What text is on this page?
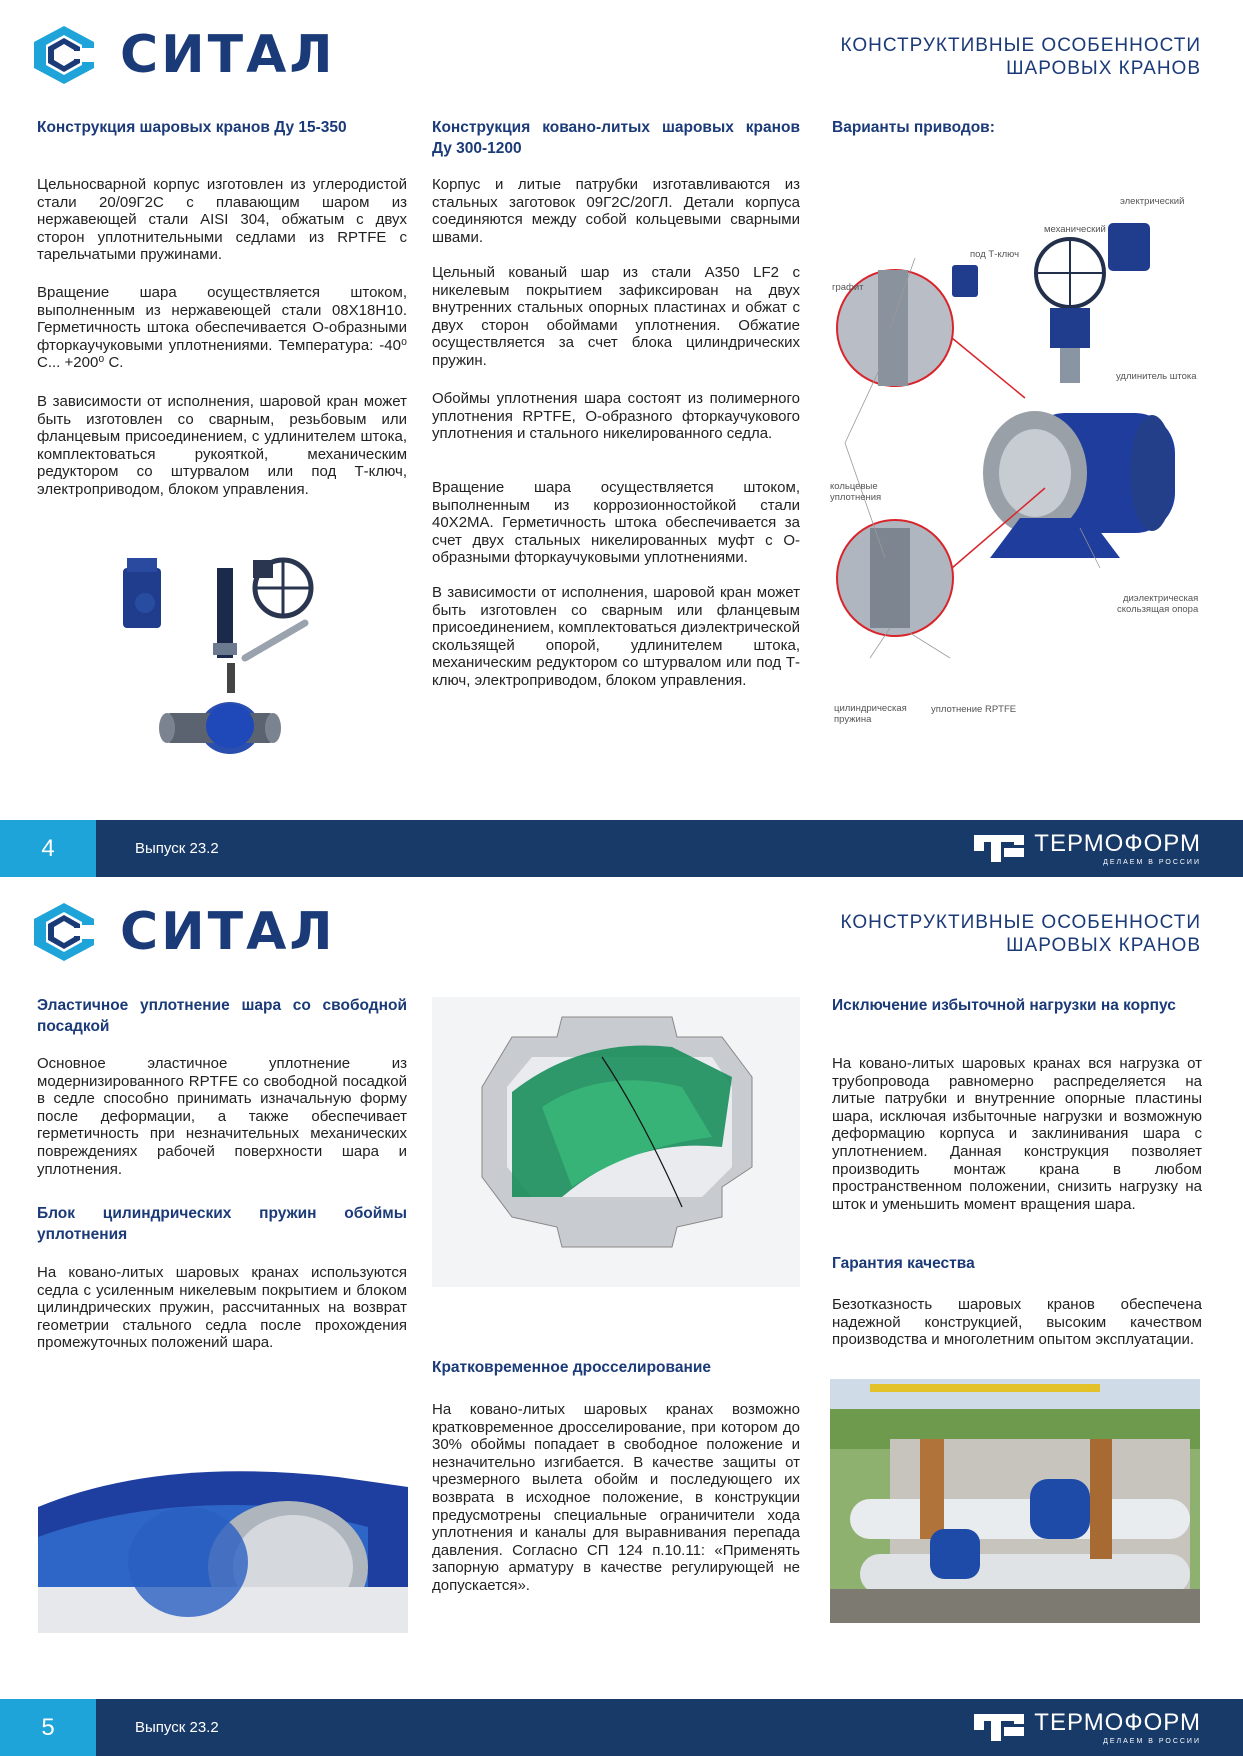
СИТАЛ	КОНСТРУКТИВНЫЕ ОСОБЕННОСТИ
ШАРОВЫХ КРАНОВ
Конструкция шаровых кранов Ду 15-350
Цельносварной корпус изготовлен из углеродистой стали 20/09Г2С с плавающим шаром из нержавеющей стали AISI 304, обжатым с двух сторон уплотнительными седлами из RPTFE с тарельчатыми пружинами.
Вращение шара осуществляется штоком, выполненным из нержавеющей стали 08Х18Н10. Герметичность штока обеспечивается О-образными фторкаучуковыми уплотнениями. Температура: -40⁰ С... +200⁰ С.
В зависимости от исполнения, шаровой кран может быть изготовлен со сварным, резьбовым или фланцевым присоединением, с удлинителем штока, комплектоваться рукояткой, механическим редуктором со штурвалом или под Т-ключ, электроприводом, блоком управления.
Конструкция ковано-литых шаровых кранов Ду 300-1200
Корпус и литые патрубки изготавливаются из стальных заготовок 09Г2С/20ГЛ. Детали корпуса соединяются между собой кольцевыми сварными швами.
Цельный кованый шар из стали A350 LF2 с никелевым покрытием зафиксирован на двух внутренних стальных опорных пластинах и обжат с двух сторон обоймами уплотнения. Обжатие осуществляется за счет блока цилиндрических пружин.
Обоймы уплотнения шара состоят из полимерного уплотнения RPTFE, О-образного фторкаучукового уплотнения и стального никелированного седла.
Вращение шара осуществляется штоком, выполненным из коррозионностойкой стали 40Х2МА. Герметичность штока обеспечивается за счет двух стальных никелированных муфт с О-образными фторкаучуковыми уплотнениями.
В зависимости от исполнения, шаровой кран может быть изготовлен со сварным или фланцевым присоединением, комплектоваться диэлектрической скользящей опорой, удлинителем штока, механическим редуктором со штурвалом или под Т-ключ, электроприводом, блоком управления.
Варианты приводов:
электрический
механический
под Т-ключ
графит
удлинитель штока
кольцевые
уплотнения
диэлектрическая
скользящая опора
цилиндрическая
пружина
уплотнение RPTFE
4	Выпуск 23.2	ТЕРМОФОРМ
ДЕЛАЕМ В РОССИИ
СИТАЛ	КОНСТРУКТИВНЫЕ ОСОБЕННОСТИ
ШАРОВЫХ КРАНОВ
Эластичное уплотнение шара со свободной посадкой
Основное эластичное уплотнение из модернизированного RPTFE со свободной посадкой в седле способно принимать изначальную форму после деформации, а также обеспечивает герметичность при незначительных механических повреждениях рабочей поверхности шара и уплотнения.
Блок цилиндрических пружин обоймы уплотнения
На ковано-литых шаровых кранах используются седла с усиленным никелевым покрытием и блоком цилиндрических пружин, рассчитанных на возврат геометрии стального седла после прохождения промежуточных положений шара.
Кратковременное дросселирование
На ковано-литых шаровых кранах возможно кратковременное дросселирование, при котором до 30% обоймы попадает в свободное положение и незначительно изгибается. В качестве защиты от чрезмерного вылета обойм и последующего их возврата в исходное положение, в конструкции предусмотрены специальные ограничители хода уплотнения и каналы для выравнивания перепада давления. Согласно СП 124 п.10.11: «Применять запорную арматуру в качестве регулирующей не допускается».
Исключение избыточной нагрузки на корпус
На ковано-литых шаровых кранах вся нагрузка от трубопровода равномерно распределяется на литые патрубки и внутренние опорные пластины шара, исключая избыточные нагрузки и возможную деформацию корпуса и заклинивания шара с уплотнением. Данная конструкция позволяет производить монтаж крана в любом пространственном положении, снизить нагрузку на шток и уменьшить момент вращения шара.
Гарантия качества
Безотказность шаровых кранов обеспечена надежной конструкцией, высоким качеством производства и многолетним опытом эксплуатации.
5	Выпуск 23.2	ТЕРМОФОРМ
ДЕЛАЕМ В РОССИИ
